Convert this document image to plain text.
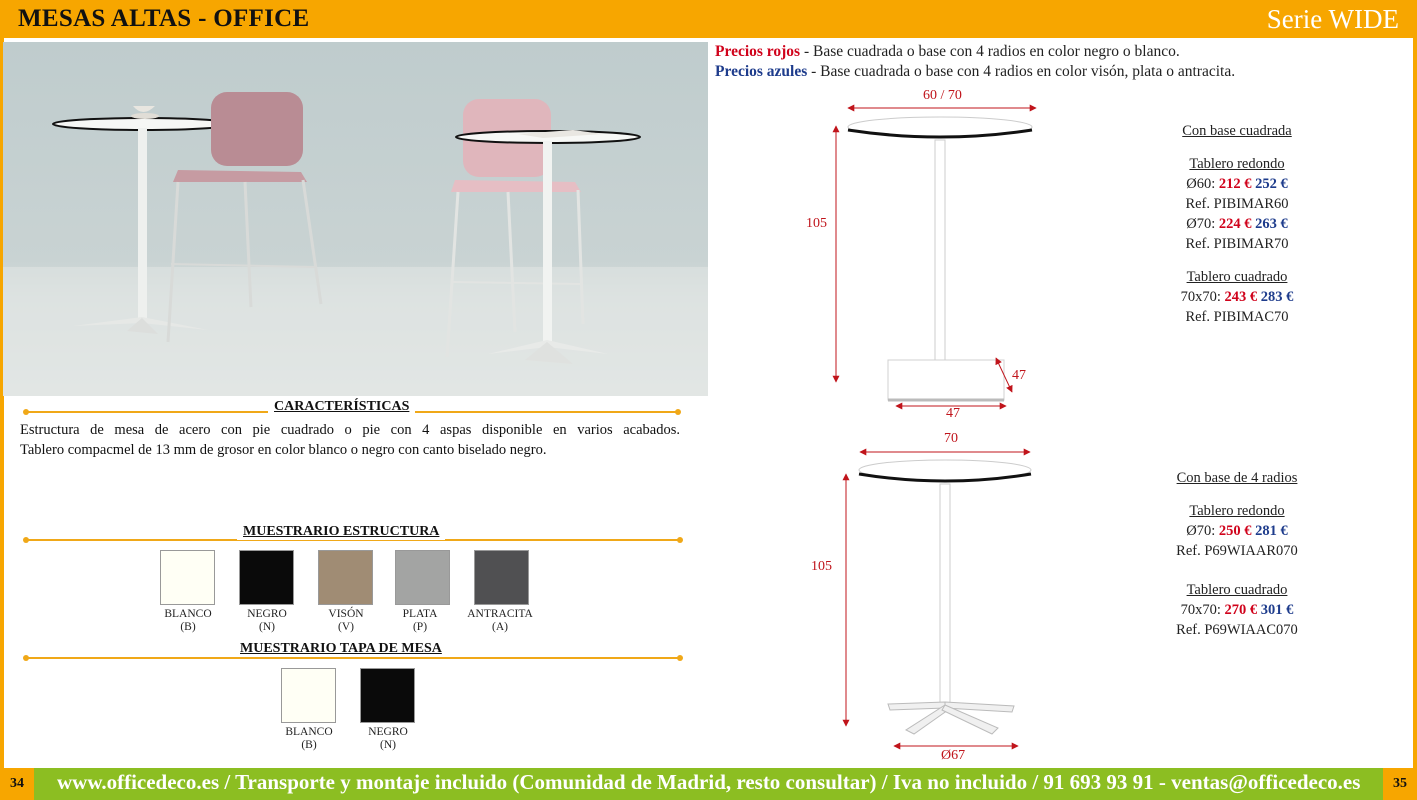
MESAS ALTAS - OFFICE	Serie WIDE
CARACTERÍSTICAS
Estructura de mesa de acero con pie cuadrado o pie con 4 aspas disponible en varios acabados.
Tablero compacmel de 13 mm de grosor en color blanco o negro con canto biselado negro.
MUESTRARIO ESTRUCTURA
BLANCO
(B)
NEGRO
(N)
VISÓN
(V)
PLATA
(P)
ANTRACITA
(A)
MUESTRARIO TAPA DE MESA
BLANCO
(B)
NEGRO
(N)
Precios rojos - Base cuadrada o base con 4 radios en color negro o blanco.
Precios azules - Base cuadrada o base con 4 radios en color visón, plata o antracita.
60 / 70
105
47
47
70
105
Ø67
Con base cuadrada
Tablero redondo
Ø60: 212 € 252 €
Ref. PIBIMAR60
Ø70: 224 € 263 €
Ref. PIBIMAR70
Tablero cuadrado
70x70: 243 € 283 €
Ref. PIBIMAC70
Con base de 4 radios
Tablero redondo
Ø70: 250 € 281 €
Ref. P69WIAAR070
Tablero cuadrado
70x70: 270 € 301 €
Ref. P69WIAAC070
www.officedeco.es / Transporte y montaje incluido (Comunidad de Madrid, resto consultar) / Iva no incluido / 91 693 93 91 - ventas@officedeco.es
34	35
